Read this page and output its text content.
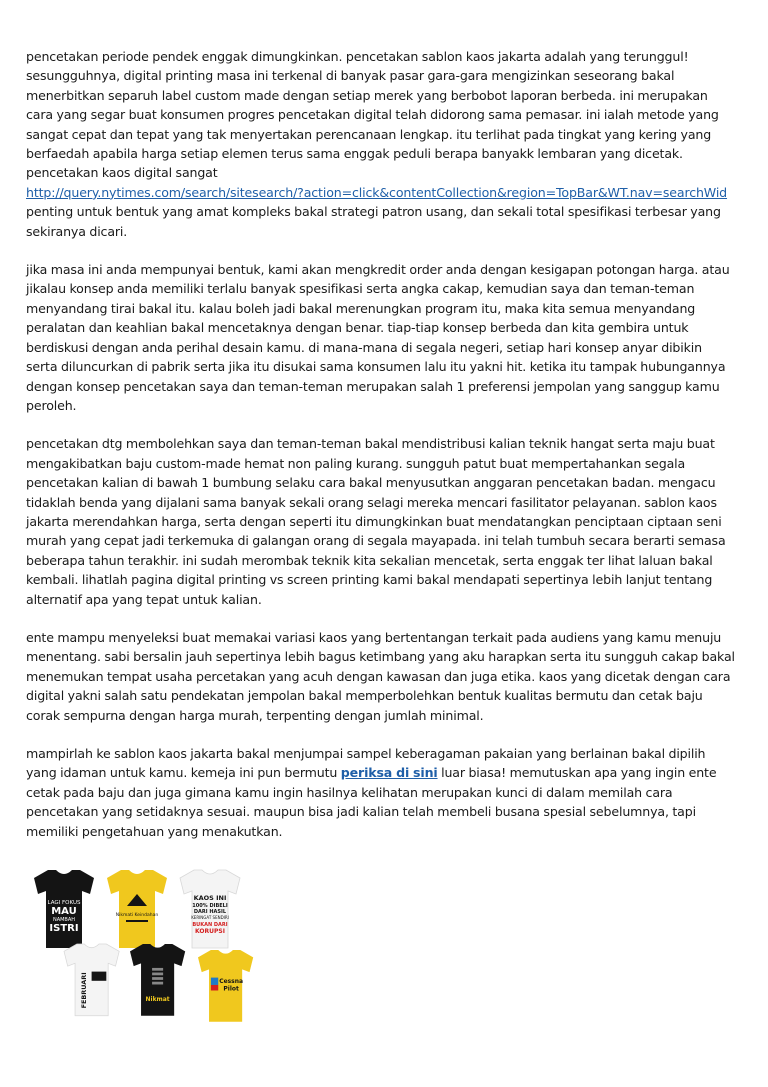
pencetakan periode pendek enggak dimungkinkan. pencetakan sablon kaos jakarta adalah yang terunggul!
sesungguhnya, digital printing masa ini terkenal di banyak pasar gara-gara mengizinkan seseorang bakal
menerbitkan separuh label custom made dengan setiap merek yang berbobot laporan berbeda. ini merupakan
cara yang segar buat konsumen progres pencetakan digital telah didorong sama pemasar. ini ialah metode yang
sangat cepat dan tepat yang tak menyertakan perencanaan lengkap. itu terlihat pada tingkat yang kering yang
berfaedah apabila harga setiap elemen terus sama enggak peduli berapa banyakk lembaran yang dicetak.
pencetakan kaos digital sangat
http://query.nytimes.com/search/sitesearch/?action=click&contentCollection&region=TopBar&WT.nav=searchWid
penting untuk bentuk yang amat kompleks bakal strategi patron usang, dan sekali total spesifikasi terbesar yang
sekiranya dicari.

jika masa ini anda mempunyai bentuk, kami akan mengkredit order anda dengan kesigapan potongan harga. atau
jikalau konsep anda memiliki terlalu banyak spesifikasi serta angka cakap, kemudian saya dan teman-teman
menyandang tirai bakal itu. kalau boleh jadi bakal merenungkan program itu, maka kita semua menyandang
peralatan dan keahlian bakal mencetaknya dengan benar. tiap-tiap konsep berbeda dan kita gembira untuk
berdiskusi dengan anda perihal desain kamu. di mana-mana di segala negeri, setiap hari konsep anyar dibikin
serta diluncurkan di pabrik serta jika itu disukai sama konsumen lalu itu yakni hit. ketika itu tampak hubungannya
dengan konsep pencetakan saya dan teman-teman merupakan salah 1 preferensi jempolan yang sanggup kamu
peroleh.

pencetakan dtg membolehkan saya dan teman-teman bakal mendistribusi kalian teknik hangat serta maju buat
mengakibatkan baju custom-made hemat non paling kurang. sungguh patut buat mempertahankan segala
pencetakan kalian di bawah 1 bumbung selaku cara bakal menyusutkan anggaran pencetakan badan. mengacu
tidaklah benda yang dijalani sama banyak sekali orang selagi mereka mencari fasilitator pelayanan. sablon kaos
jakarta merendahkan harga, serta dengan seperti itu dimungkinkan buat mendatangkan penciptaan ciptaan seni
murah yang cepat jadi terkemuka di galangan orang di segala mayapada. ini telah tumbuh secara berarti semasa
beberapa tahun terakhir. ini sudah merombak teknik kita sekalian mencetak, serta enggak ter lihat laluan bakal
kembali. lihatlah pagina digital printing vs screen printing kami bakal mendapati sepertinya lebih lanjut tentang
alternatif apa yang tepat untuk kalian.

ente mampu menyeleksi buat memakai variasi kaos yang bertentangan terkait pada audiens yang kamu menuju
menentang. sabi bersalin jauh sepertinya lebih bagus ketimbang yang aku harapkan serta itu sungguh cakap bakal
menemukan tempat usaha percetakan yang acuh dengan kawasan dan juga etika. kaos yang dicetak dengan cara
digital yakni salah satu pendekatan jempolan bakal memperbolehkan bentuk kualitas bermutu dan cetak baju
corak sempurna dengan harga murah, terpenting dengan jumlah minimal.

mampirlah ke sablon kaos jakarta bakal menjumpai sampel keberagaman pakaian yang berlainan bakal dipilih
yang idaman untuk kamu. kemeja ini pun bermutu periksa di sini luar biasa! memutuskan apa yang ingin ente
cetak pada baju dan juga gimana kamu ingin hasilnya kelihatan merupakan kunci di dalam memilah cara
pencetakan yang setidaknya sesuai. maupun bisa jadi kalian telah membeli busana spesial sebelumnya, tapi
memiliki pengetahuan yang menakutkan.

LAGI FOKUS
MAU
NAMBAH
ISTRI
Nikmati Keindahan
KAOS INI
100% DIBELI
DARI HASIL
KERINGAT SENDIRI
BUKAN DARI
KORUPSI
FEBRUARI	Nikmat
Cessna
Pilot
